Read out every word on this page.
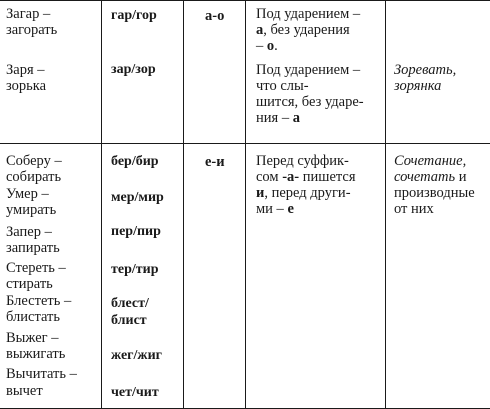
Загар –
загорать
Заря –
зорька
гар/гор
зар/зор
а-о Под ударением –
а, без ударения
– о.
Под ударением –
что слы-
шится, без ударе-
ния – а
Зоревать,
зорянка
Соберу –
собирать
Умер –
умирать
Запер –
запирать
Стереть –
стирать
Блестеть –
блистать
Выжег –
выжигать
Вычитать –
вычет
бер/бир
мер/мир
пер/пир
тер/тир
блест/
блист
жег/жиг
чет/чит
е-и Перед суффик-
сом -а- пишется
и, перед други-
ми – е
Сочетание,
сочетать и
производные
от них
